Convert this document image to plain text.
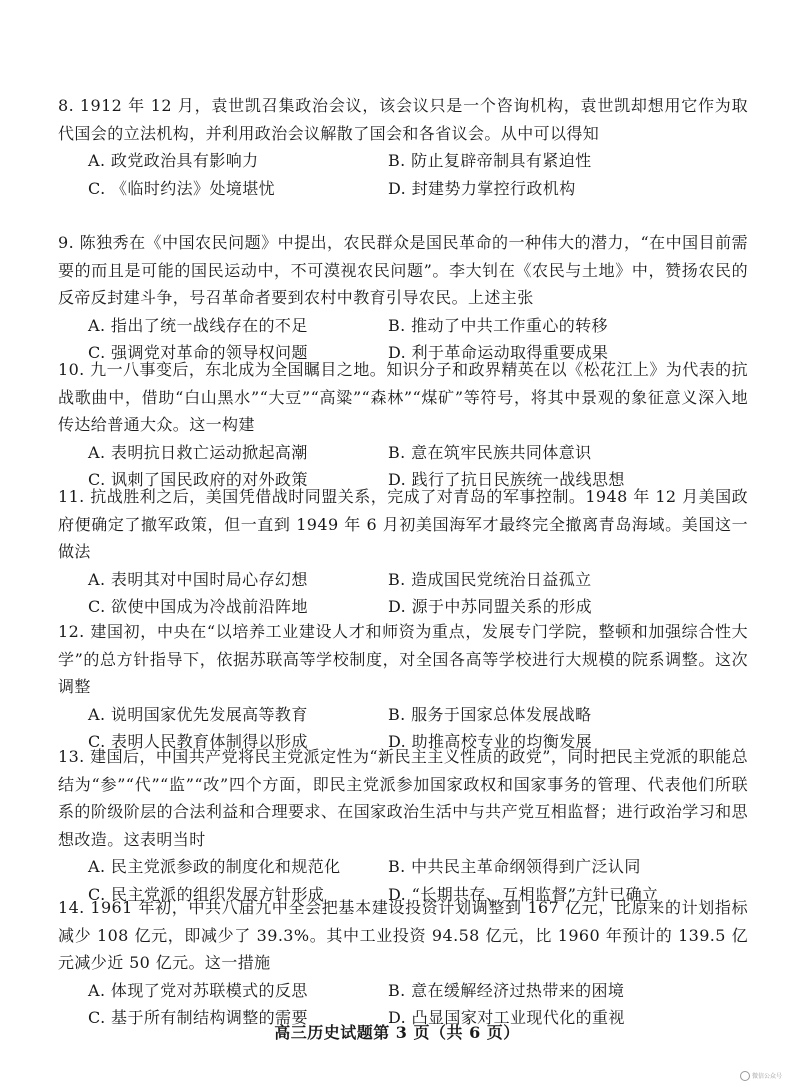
8. 1912 年 12 月，袁世凯召集政治会议，该会议只是一个咨询机构，袁世凯却想用它作为取代国会的立法机构，并利用政治会议解散了国会和各省议会。从中可以得知

A. 政党政治具有影响力	B. 防止复辟帝制具有紧迫性
C. 《临时约法》处境堪忧	D. 封建势力掌控行政机构

9. 陈独秀在《中国农民问题》中提出，农民群众是国民革命的一种伟大的潜力，“在中国目前需要的而且是可能的国民运动中，不可漠视农民问题”。李大钊在《农民与土地》中，赞扬农民的反帝反封建斗争，号召革命者要到农村中教育引导农民。上述主张

A. 指出了统一战线存在的不足	B. 推动了中共工作重心的转移
C. 强调党对革命的领导权问题	D. 利于革命运动取得重要成果

10. 九一八事变后，东北成为全国瞩目之地。知识分子和政界精英在以《松花江上》为代表的抗战歌曲中，借助“白山黑水”“大豆”“高粱”“森林”“煤矿”等符号，将其中景观的象征意义深入地传达给普通大众。这一构建

A. 表明抗日救亡运动掀起高潮	B. 意在筑牢民族共同体意识
C. 讽刺了国民政府的对外政策	D. 践行了抗日民族统一战线思想

11. 抗战胜利之后，美国凭借战时同盟关系，完成了对青岛的军事控制。1948 年 12 月美国政府便确定了撤军政策，但一直到 1949 年 6 月初美国海军才最终完全撤离青岛海域。美国这一做法

A. 表明其对中国时局心存幻想	B. 造成国民党统治日益孤立
C. 欲使中国成为冷战前沿阵地	D. 源于中苏同盟关系的形成

12. 建国初，中央在“以培养工业建设人才和师资为重点，发展专门学院，整顿和加强综合性大学”的总方针指导下，依据苏联高等学校制度，对全国各高等学校进行大规模的院系调整。这次调整

A. 说明国家优先发展高等教育	B. 服务于国家总体发展战略
C. 表明人民教育体制得以形成	D. 助推高校专业的均衡发展

13. 建国后，中国共产党将民主党派定性为“新民主主义性质的政党”，同时把民主党派的职能总结为“参”“代”“监”“改”四个方面，即民主党派参加国家政权和国家事务的管理、代表他们所联系的阶级阶层的合法利益和合理要求、在国家政治生活中与共产党互相监督；进行政治学习和思想改造。这表明当时

A. 民主党派参政的制度化和规范化	B. 中共民主革命纲领得到广泛认同
C. 民主党派的组织发展方针形成	D. “长期共存、互相监督”方针已确立

14. 1961 年初，中共八届九中全会把基本建设投资计划调整到 167 亿元，比原来的计划指标减少 108 亿元，即减少了 39.3%。其中工业投资 94.58 亿元，比 1960 年预计的 139.5 亿元减少近 50 亿元。这一措施

A. 体现了党对苏联模式的反思	B. 意在缓解经济过热带来的困境
C. 基于所有制结构调整的需要	D. 凸显国家对工业现代化的重视
高三历史试题第 3 页（共 6 页）
微信公众号
